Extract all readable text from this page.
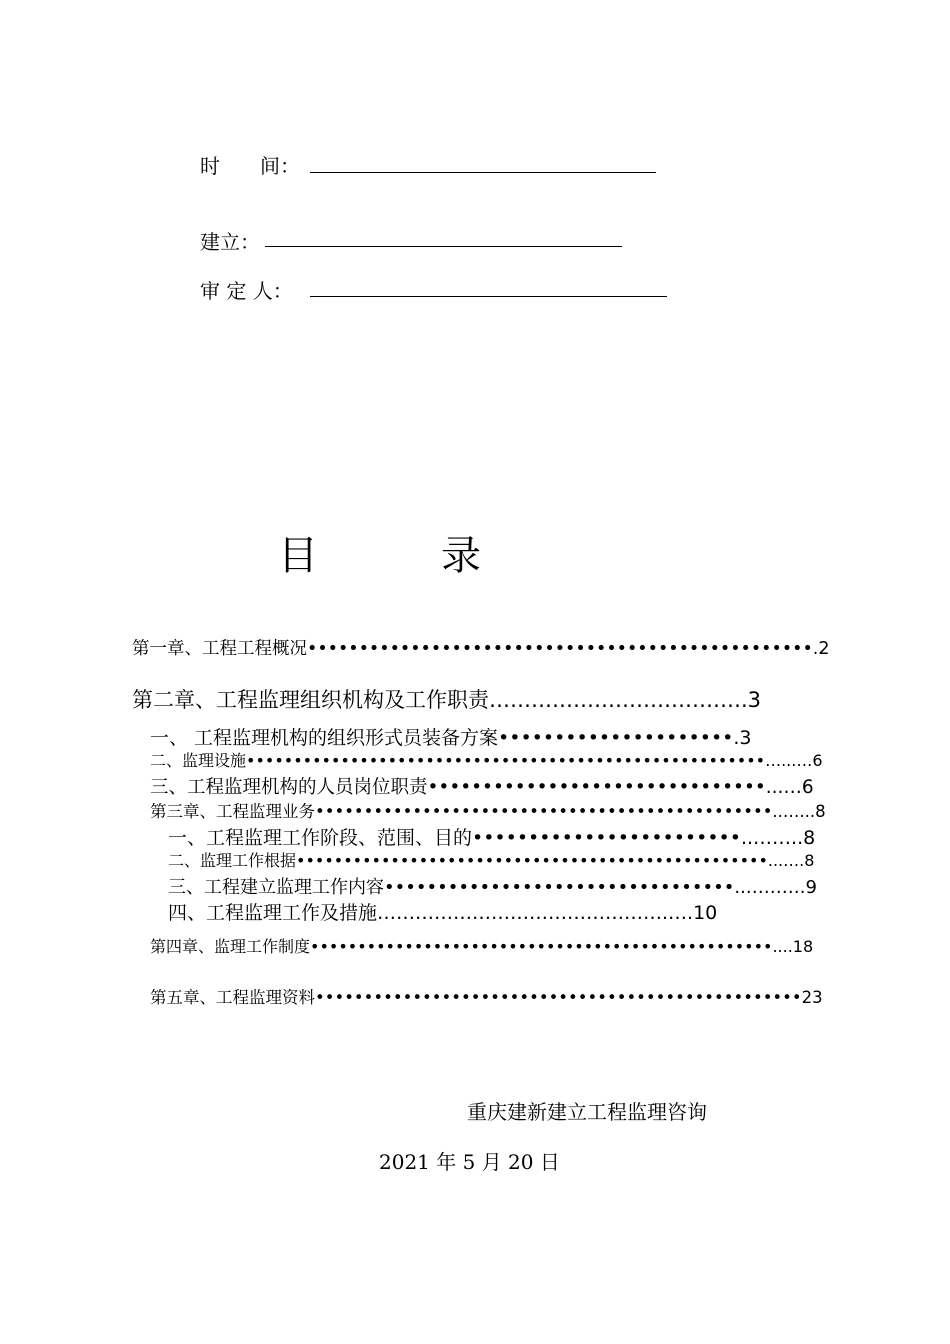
时　　间：
建立：
审 定 人：
目	录
第一章、工程工程概况•••••••••••••••••••••••••••••••••••••••••••••••••.2
第二章、工程监理组织机构及工作职责……………………………….3
一、 工程监理机构的组织形式员装备方案•••••••••••••••••••••.3
二、监理设施•••••••••••••••••••••••••••••••••••••••••••••••••••••••…...…6
三、工程监理机构的人员岗位职责•••••••••••••••••••••••••••••••...…6
第三章、工程监理业务•••••••••••••••••••••••••••••••••••••••••••••••..…...8
一、工程监理工作阶段、范围、目的••••••••••••••••••••••••..……..8
二、监理工作根据••••••••••••••••••••••••••••••••••••••••••••••••••...….8
三、工程建立监理工作内容•••••••••••••••••••••••••••••••••..……….9
四、工程监理工作及措施……………………………………….….10
第四章、监理工作制度•••••••••••••••••••••••••••••••••••••••••••••••••....18
第五章、工程监理资料••••••••••••••••••••••••••••••••••••••••••••••••••23
重庆建新建立工程监理咨询
2021 年 5 月 20 日
